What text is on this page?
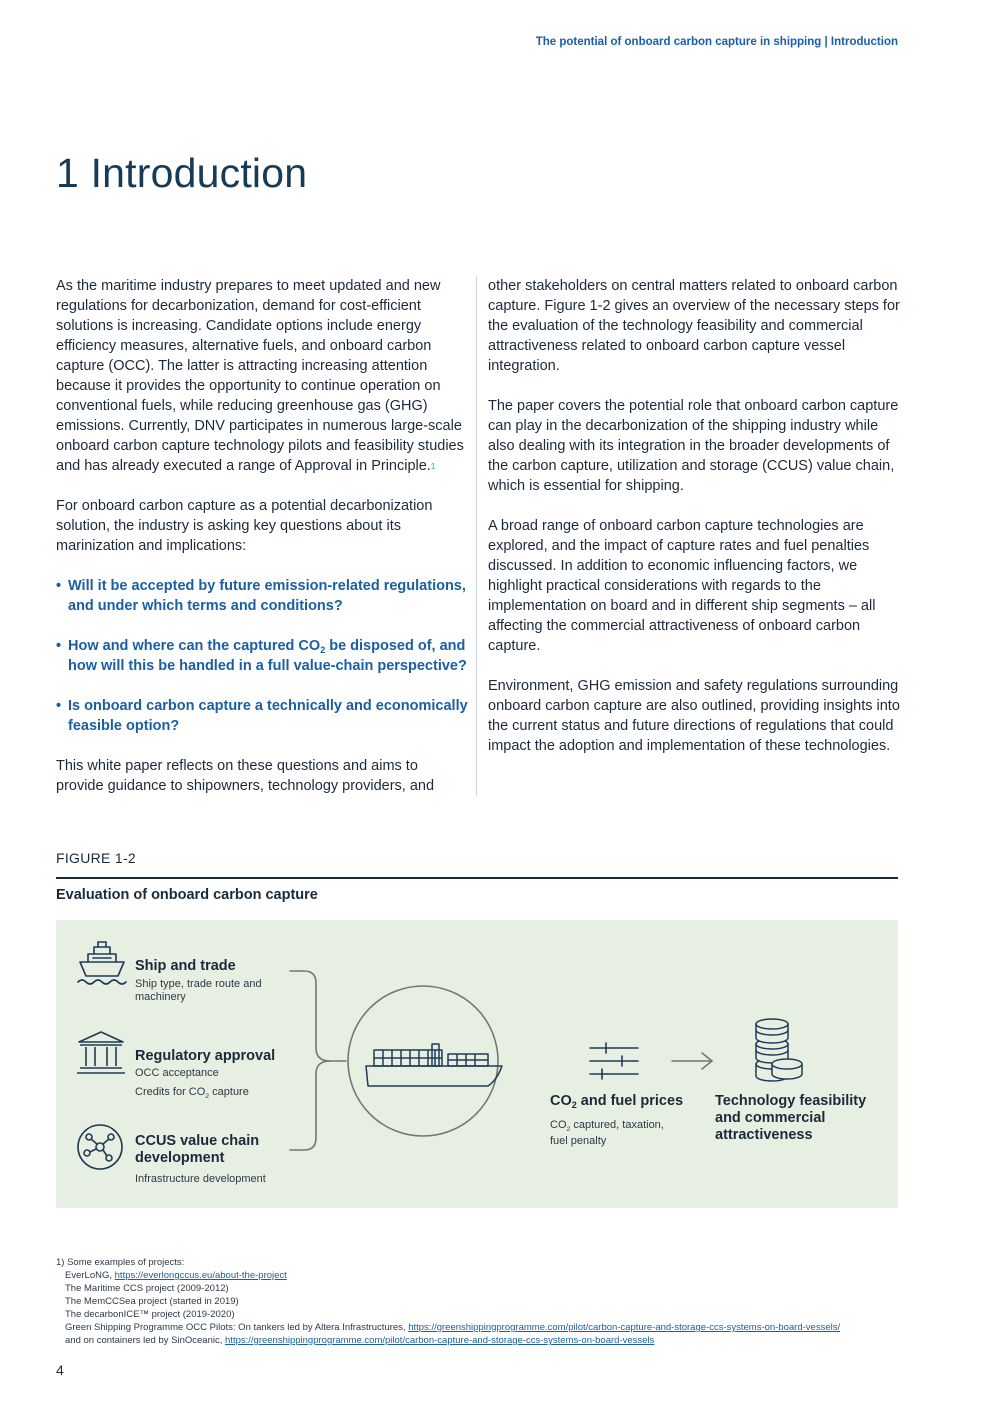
The potential of onboard carbon capture in shipping | Introduction
1 Introduction

As the maritime industry prepares to meet updated and new regulations for decarbonization, demand for cost-efficient solutions is increasing. Candidate options include energy efficiency measures, alternative fuels, and onboard carbon capture (OCC). The latter is attracting increasing attention because it provides the opportunity to continue operation on conventional fuels, while reducing greenhouse gas (GHG) emissions. Currently, DNV participates in numerous large-scale onboard carbon capture technology pilots and feasibility studies and has already executed a range of Approval in Principle.$^1$

For onboard carbon capture as a potential decarbonization solution, the industry is asking key questions about its marinization and implications:

• Will it be accepted by future emission-related regulations, and under which terms and conditions?
• How and where can the captured $CO_2$ be disposed of, and how will this be handled in a full value-chain perspective?
• Is onboard carbon capture a technically and economically feasible option?

This white paper reflects on these questions and aims to provide guidance to shipowners, technology providers, and

other stakeholders on central matters related to onboard carbon capture. Figure 1-2 gives an overview of the necessary steps for the evaluation of the technology feasibility and commercial attractiveness related to onboard carbon capture vessel integration.

The paper covers the potential role that onboard carbon capture can play in the decarbonization of the shipping industry while also dealing with its integration in the broader developments of the carbon capture, utilization and storage (CCUS) value chain, which is essential for shipping.

A broad range of onboard carbon capture technologies are explored, and the impact of capture rates and fuel penalties discussed. In addition to economic influencing factors, we highlight practical considerations with regards to the implementation on board and in different ship segments – all affecting the commercial attractiveness of onboard carbon capture.

Environment, GHG emission and safety regulations surrounding onboard carbon capture are also outlined, providing insights into the current status and future directions of regulations that could impact the adoption and implementation of these technologies.

FIGURE 1-2
Evaluation of onboard carbon capture
Ship and trade
Ship type, trade route and machinery
Regulatory approval
OCC acceptance
Credits for $CO_2$ capture
CCUS value chain development
Infrastructure development
$CO_2$ and fuel prices
$CO_2$ captured, taxation, fuel penalty
Technology feasibility and commercial attractiveness
1) Some examples of projects:
EverLoNG, https://everlongccus.eu/about-the-project
The Maritime CCS project (2009-2012)
The MemCCSea project (started in 2019)
The decarbonICE™ project (2019-2020)
Green Shipping Programme OCC Pilots: On tankers led by Altera Infrastructures, https://greenshippingprogramme.com/pilot/carbon-capture-and-storage-ccs-systems-on-board-vessels/
and on containers led by SinOceanic, https://greenshippingprogramme.com/pilot/carbon-capture-and-storage-ccs-systems-on-board-vessels
4
